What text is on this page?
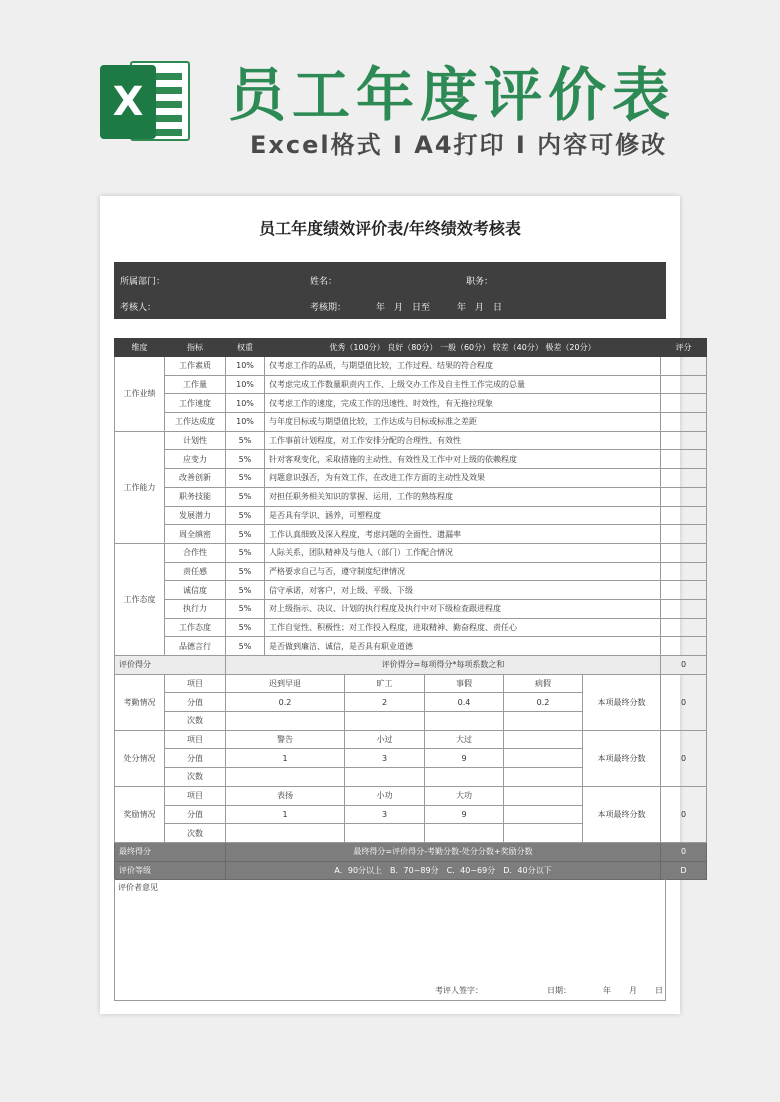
X 员工年度评价表
Excel格式 Ⅰ A4打印 Ⅰ 内容可修改
员工年度绩效评价表/年终绩效考核表
所属部门：	姓名：	职务：
考核人：	考核期：	年　月　日至　　　年　月　日
维度	指标	权重	优秀（100分） 良好（80分） 一般（60分） 较差（40分） 极差（20分）					评分
工作业绩	工作素质	10%	仅考虑工作的品质，与期望值比较，工作过程、结果的符合程度					
	工作量	10%	仅考虑完成工作数量职责内工作、上级交办工作及自主性工作完成的总量					
	工作速度	10%	仅考虑工作的速度，完成工作的迅速性、时效性，有无拖拉现象					
	工作达成度	10%	与年度目标或与期望值比较，工作达成与目标或标准之差距					
工作能力	计划性	5%	工作事前计划程度，对工作安排分配的合理性、有效性					
	应变力	5%	针对客观变化，采取措施的主动性、有效性及工作中对上级的依赖程度					
	改善创新	5%	问题意识强否，为有效工作，在改进工作方面的主动性及效果					
	职务技能	5%	对担任职务相关知识的掌握、运用，工作的熟练程度					
	发展潜力	5%	是否具有学识、涵养，可塑程度					
	周全缜密	5%	工作认真细致及深入程度，考虑问题的全面性、遗漏率					
工作态度	合作性	5%	人际关系，团队精神及与他人（部门）工作配合情况					
	责任感	5%	严格要求自己与否，遵守制度纪律情况					
	诚信度	5%	信守承诺，对客户，对上级、平级、下级					
	执行力	5%	对上级指示、决议、计划的执行程度及执行中对下级检查跟进程度					
	工作态度	5%	工作自觉性、积极性；对工作投入程度，进取精神、勤奋程度、责任心					
	品德言行	5%	是否做到廉洁、诚信，是否具有职业道德					
评价得分		评价得分=每项得分*每项系数之和						0
考勤情况	项目	迟到早退		旷工	事假	病假	本项最终分数	0
	分值	0.2		2	0.4	0.2		
	次数							
处分情况	项目	警告		小过	大过		本项最终分数	0
	分值	1		3	9			
	次数							
奖励情况	项目	表扬		小功	大功		本项最终分数	0
	分值	1		3	9			
	次数							
最终得分		最终得分=评价得分-考勤分数-处分分数+奖励分数						0
评价等级		A．90分以上　B．70~89分　C．40~69分　D．40分以下						D
评价者意见
考评人签字：	日期：	年 月 日
